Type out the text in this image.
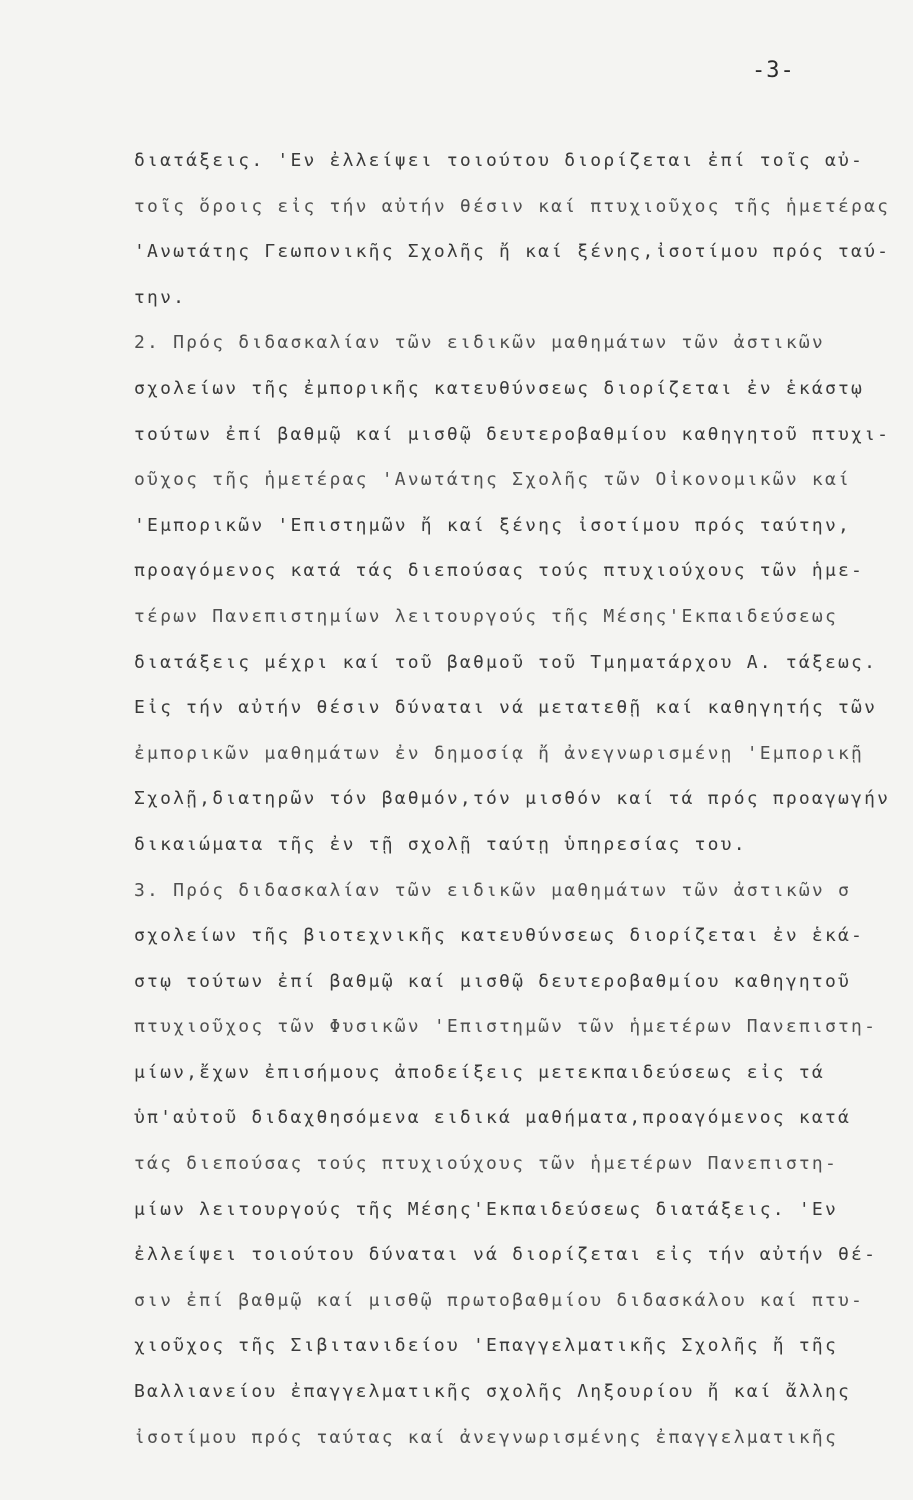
-3-
διατάξεις. 'Εν ἐλλείψει τοιούτου διορίζεται ἐπί τοῖς αὐ-
τοῖς ὅροις εἰς τήν αὐτήν θέσιν καί πτυχιοῦχος τῆς ἡμετέρας
'Ανωτάτης Γεωπονικῆς Σχολῆς ἤ καί ξένης,ἰσοτίμου πρός ταύ-
την.
2. Πρός διδασκαλίαν τῶν ειδικῶν μαθημάτων τῶν ἀστικῶν
σχολείων τῆς ἐμπορικῆς κατευθύνσεως διορίζεται ἐν ἑκάστῳ
τούτων ἐπί βαθμῷ καί μισθῷ δευτεροβαθμίου καθηγητοῦ πτυχι-
οῦχος τῆς ἡμετέρας 'Ανωτάτης Σχολῆς τῶν Οἰκονομικῶν καί
'Εμπορικῶν 'Επιστημῶν ἤ καί ξένης ἰσοτίμου πρός ταύτην,
προαγόμενος κατά τάς διεπούσας τούς πτυχιούχους τῶν ἡμε-
τέρων Πανεπιστημίων λειτουργούς τῆς Μέσης'Εκπαιδεύσεως
διατάξεις μέχρι καί τοῦ βαθμοῦ τοῦ Τμηματάρχου Α. τάξεως.
Εἰς τήν αὐτήν θέσιν δύναται νά μετατεθῇ καί καθηγητής τῶν
ἐμπορικῶν μαθημάτων ἐν δημοσίᾳ ἤ ἀνεγνωρισμένῃ 'Εμπορικῇ
Σχολῇ,διατηρῶν τόν βαθμόν,τόν μισθόν καί τά πρός προαγωγήν
δικαιώματα τῆς ἐν τῇ σχολῇ ταύτῃ ὑπηρεσίας του.
3. Πρός διδασκαλίαν τῶν ειδικῶν μαθημάτων τῶν ἀστικῶν σ
σχολείων τῆς βιοτεχνικῆς κατευθύνσεως διορίζεται ἐν ἑκά-
στῳ τούτων ἐπί βαθμῷ καί μισθῷ δευτεροβαθμίου καθηγητοῦ
πτυχιοῦχος τῶν Φυσικῶν 'Επιστημῶν τῶν ἡμετέρων Πανεπιστη-
μίων,ἔχων ἐπισήμους ἀποδείξεις μετεκπαιδεύσεως εἰς τά
ὑπ'αὐτοῦ διδαχθησόμενα ειδικά μαθήματα,προαγόμενος κατά
τάς διεπούσας τούς πτυχιούχους τῶν ἡμετέρων Πανεπιστη-
μίων λειτουργούς τῆς Μέσης'Εκπαιδεύσεως διατάξεις. 'Εν
ἐλλείψει τοιούτου δύναται νά διορίζεται εἰς τήν αὐτήν θέ-
σιν ἐπί βαθμῷ καί μισθῷ πρωτοβαθμίου διδασκάλου καί πτυ-
χιοῦχος τῆς Σιβιτανιδείου 'Επαγγελματικῆς Σχολῆς ἤ τῆς
Βαλλιανείου ἐπαγγελματικῆς σχολῆς Ληξουρίου ἤ καί ἄλλης
ἰσοτίμου πρός ταύτας καί ἀνεγνωρισμένης ἐπαγγελματικῆς
